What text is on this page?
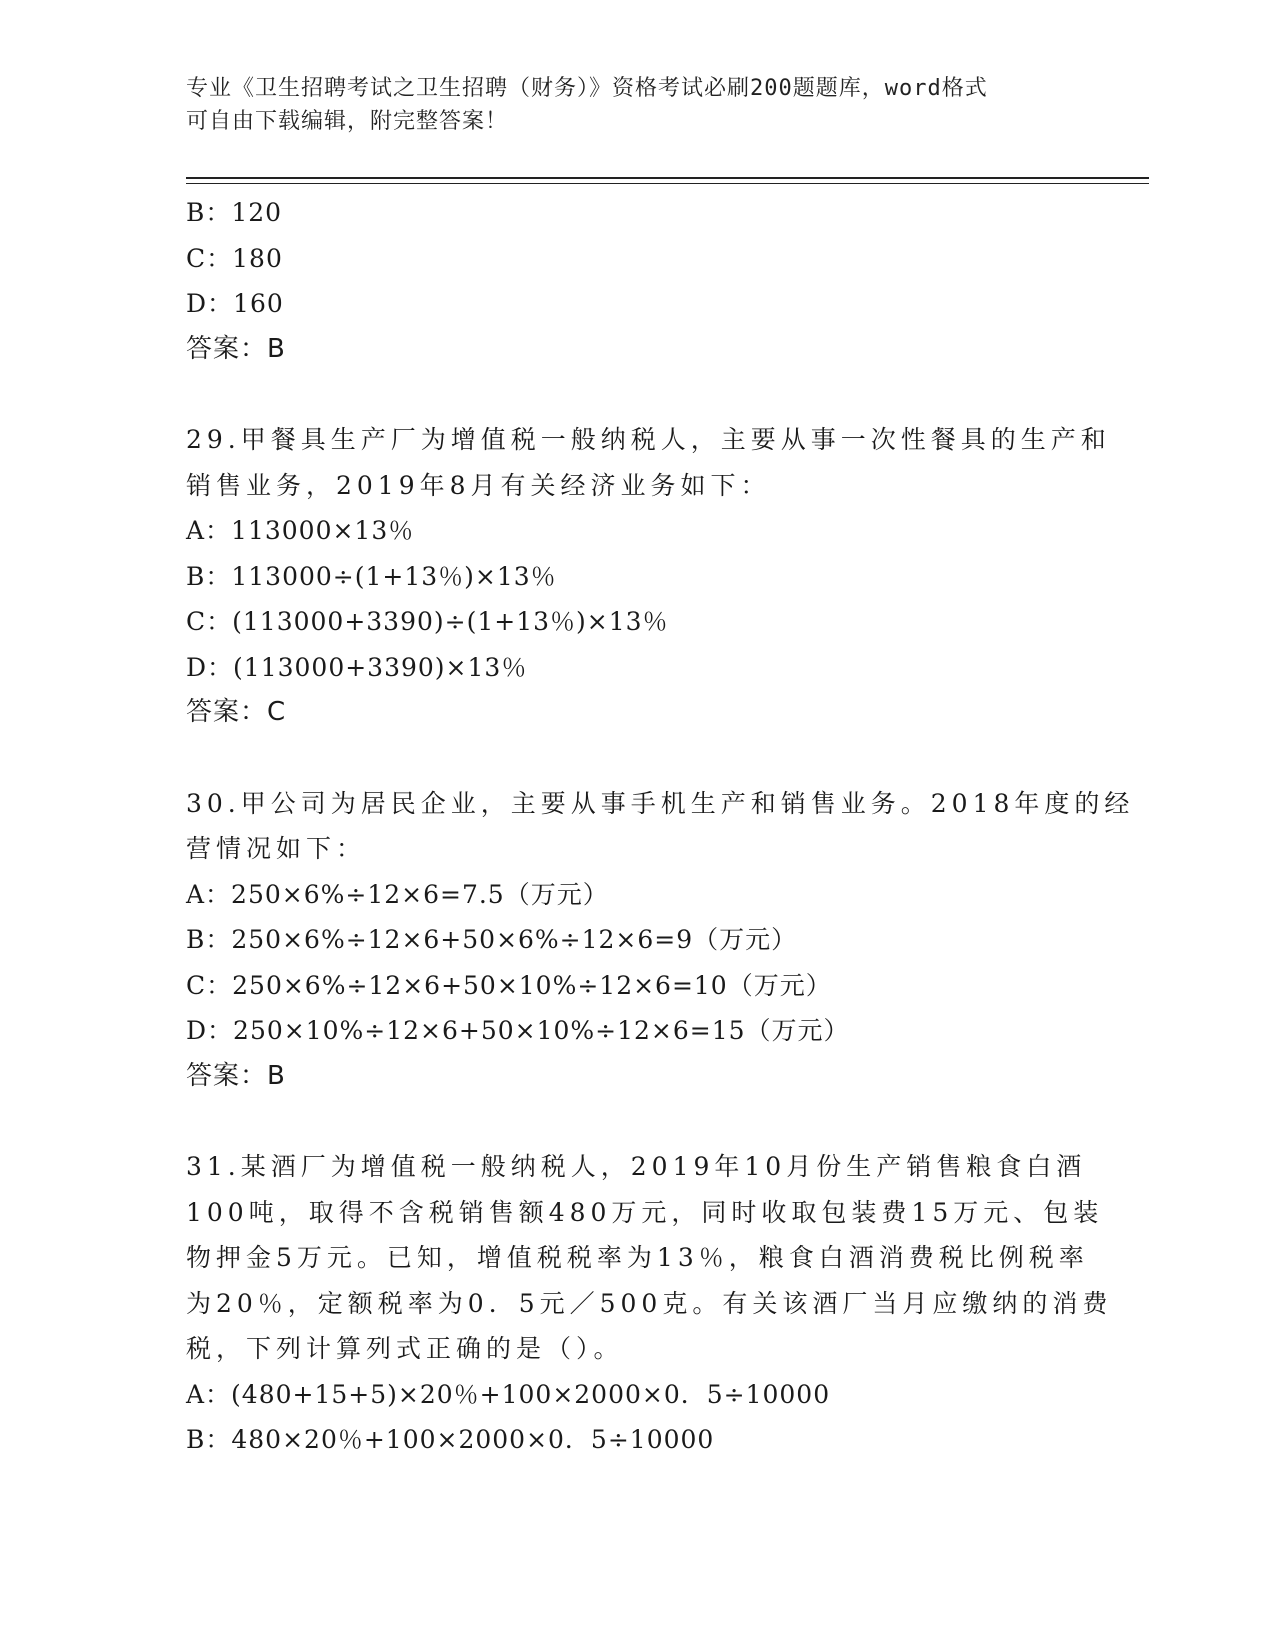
专业《卫生招聘考试之卫生招聘（财务）》资格考试必刷200题题库，word格式
可自由下载编辑，附完整答案！
B：120
C：180
D：160
答案：B
29.甲餐具生产厂为增值税一般纳税人，主要从事一次性餐具的生产和
销售业务，2019年8月有关经济业务如下：
A：113000×13％
B：113000÷(1+13％)×13％
C：(113000+3390)÷(1+13％)×13％
D：(113000+3390)×13％
答案：C
30.甲公司为居民企业，主要从事手机生产和销售业务。2018年度的经
营情况如下：
A：250×6%÷12×6=7.5（万元）
B：250×6%÷12×6+50×6%÷12×6=9（万元）
C：250×6%÷12×6+50×10%÷12×6=10（万元）
D：250×10%÷12×6+50×10%÷12×6=15（万元）
答案：B
31.某酒厂为增值税一般纳税人，2019年10月份生产销售粮食白酒
100吨，取得不含税销售额480万元，同时收取包装费15万元、包装
物押金5万元。已知，增值税税率为13％，粮食白酒消费税比例税率
为20％，定额税率为0．5元／500克。有关该酒厂当月应缴纳的消费
税，下列计算列式正确的是（）。
A：(480+15+5)×20％+100×2000×0．5÷10000
B：480×20％+100×2000×0．5÷10000
